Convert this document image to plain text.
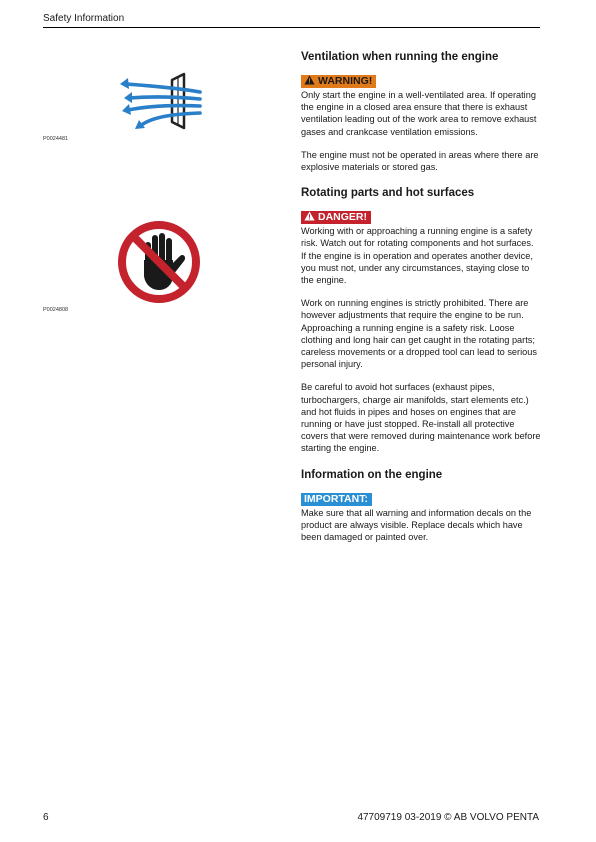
Safety Information
P0024481
P0024808
Ventilation when running the engine
WARNING!

Only start the engine in a well-ventilated area. If operating the engine in a closed area ensure that there is exhaust ventilation leading out of the work area to remove exhaust gases and crankcase ventilation emissions.

The engine must not be operated in areas where there are explosive materials or stored gas.

Rotating parts and hot surfaces
DANGER!

Working with or approaching a running engine is a safety risk. Watch out for rotating components and hot surfaces.

If the engine is in operation and operates another device, you must not, under any circumstances, staying close to the engine.

Work on running engines is strictly prohibited. There are however adjustments that require the engine to be run. Approaching a running engine is a safety risk. Loose clothing and long hair can get caught in the rotating parts; careless movements or a dropped tool can lead to serious personal injury.

Be careful to avoid hot surfaces (exhaust pipes, turbochargers, charge air manifolds, start elements etc.) and hot fluids in pipes and hoses on engines that are running or have just stopped. Re-install all protective covers that were removed during maintenance work before starting the engine.

Information on the engine
IMPORTANT:

Make sure that all warning and information decals on the product are always visible. Replace decals which have been damaged or painted over.

6	47709719 03-2019 © AB VOLVO PENTA
